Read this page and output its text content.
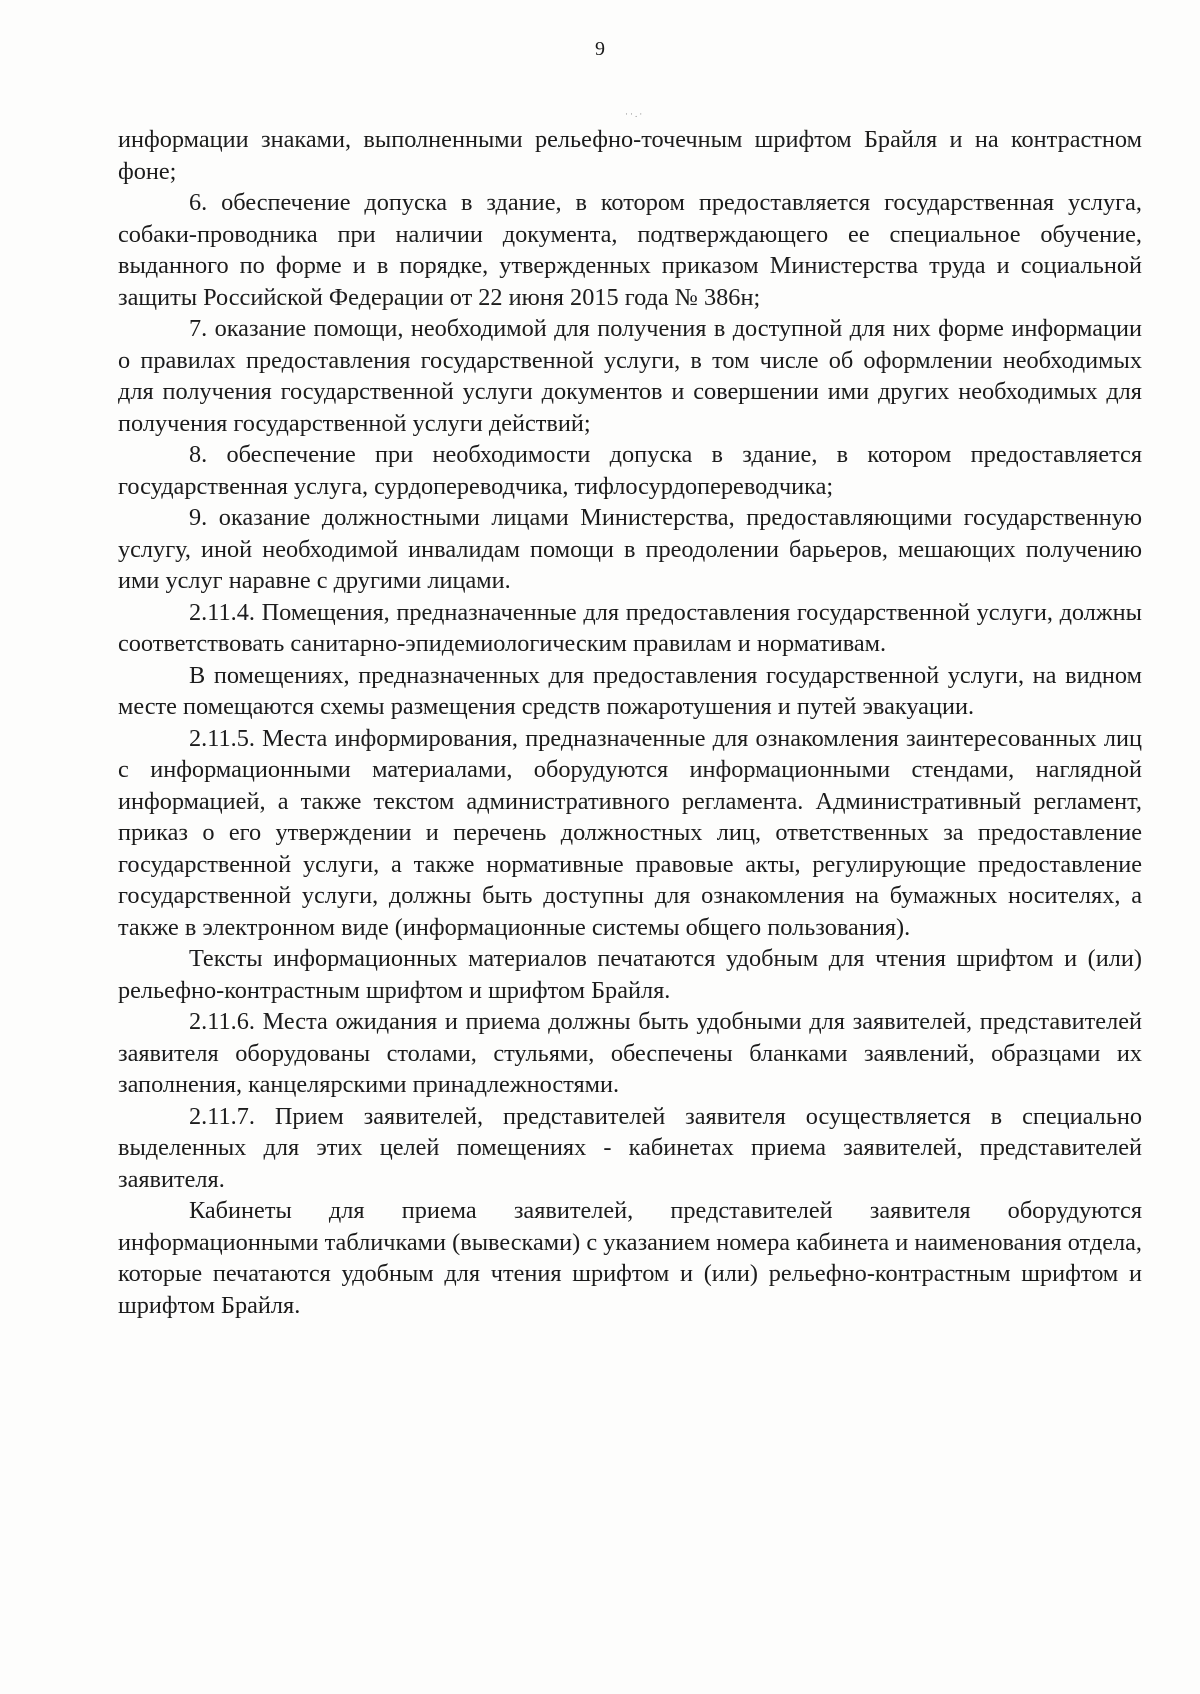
9
··.·

информации знаками, выполненными рельефно-точечным шрифтом Брайля и на контрастном фоне;

6. обеспечение допуска в здание, в котором предоставляется государственная услуга, собаки-проводника при наличии документа, подтверждающего ее специальное обучение, выданного по форме и в порядке, утвержденных приказом Министерства труда и социальной защиты Российской Федерации от 22 июня 2015 года № 386н;

7. оказание помощи, необходимой для получения в доступной для них форме информации о правилах предоставления государственной услуги, в том числе об оформлении необходимых для получения государственной услуги документов и совершении ими других необходимых для получения государственной услуги действий;

8. обеспечение при необходимости допуска в здание, в котором предоставляется государственная услуга, сурдопереводчика, тифлосурдопереводчика;

9. оказание должностными лицами Министерства, предоставляющими государственную услугу, иной необходимой инвалидам помощи в преодолении барьеров, мешающих получению ими услуг наравне с другими лицами.

2.11.4. Помещения, предназначенные для предоставления государственной услуги, должны соответствовать санитарно-эпидемиологическим правилам и нормативам.

В помещениях, предназначенных для предоставления государственной услуги, на видном месте помещаются схемы размещения средств пожаротушения и путей эвакуации.

2.11.5. Места информирования, предназначенные для ознакомления заинтересованных лиц с информационными материалами, оборудуются информационными стендами, наглядной информацией, а также текстом административного регламента. Административный регламент, приказ о его утверждении и перечень должностных лиц, ответственных за предоставление государственной услуги, а также нормативные правовые акты, регулирующие предоставление государственной услуги, должны быть доступны для ознакомления на бумажных носителях, а также в электронном виде (информационные системы общего пользования).

Тексты информационных материалов печатаются удобным для чтения шрифтом и (или) рельефно-контрастным шрифтом и шрифтом Брайля.

2.11.6. Места ожидания и приема должны быть удобными для заявителей, представителей заявителя оборудованы столами, стульями, обеспечены бланками заявлений, образцами их заполнения, канцелярскими принадлежностями.

2.11.7. Прием заявителей, представителей заявителя осуществляется в специально выделенных для этих целей помещениях - кабинетах приема заявителей, представителей заявителя.

Кабинеты для приема заявителей, представителей заявителя оборудуются информационными табличками (вывесками) с указанием номера кабинета и наименования отдела, которые печатаются удобным для чтения шрифтом и (или) рельефно-контрастным шрифтом и шрифтом Брайля.
